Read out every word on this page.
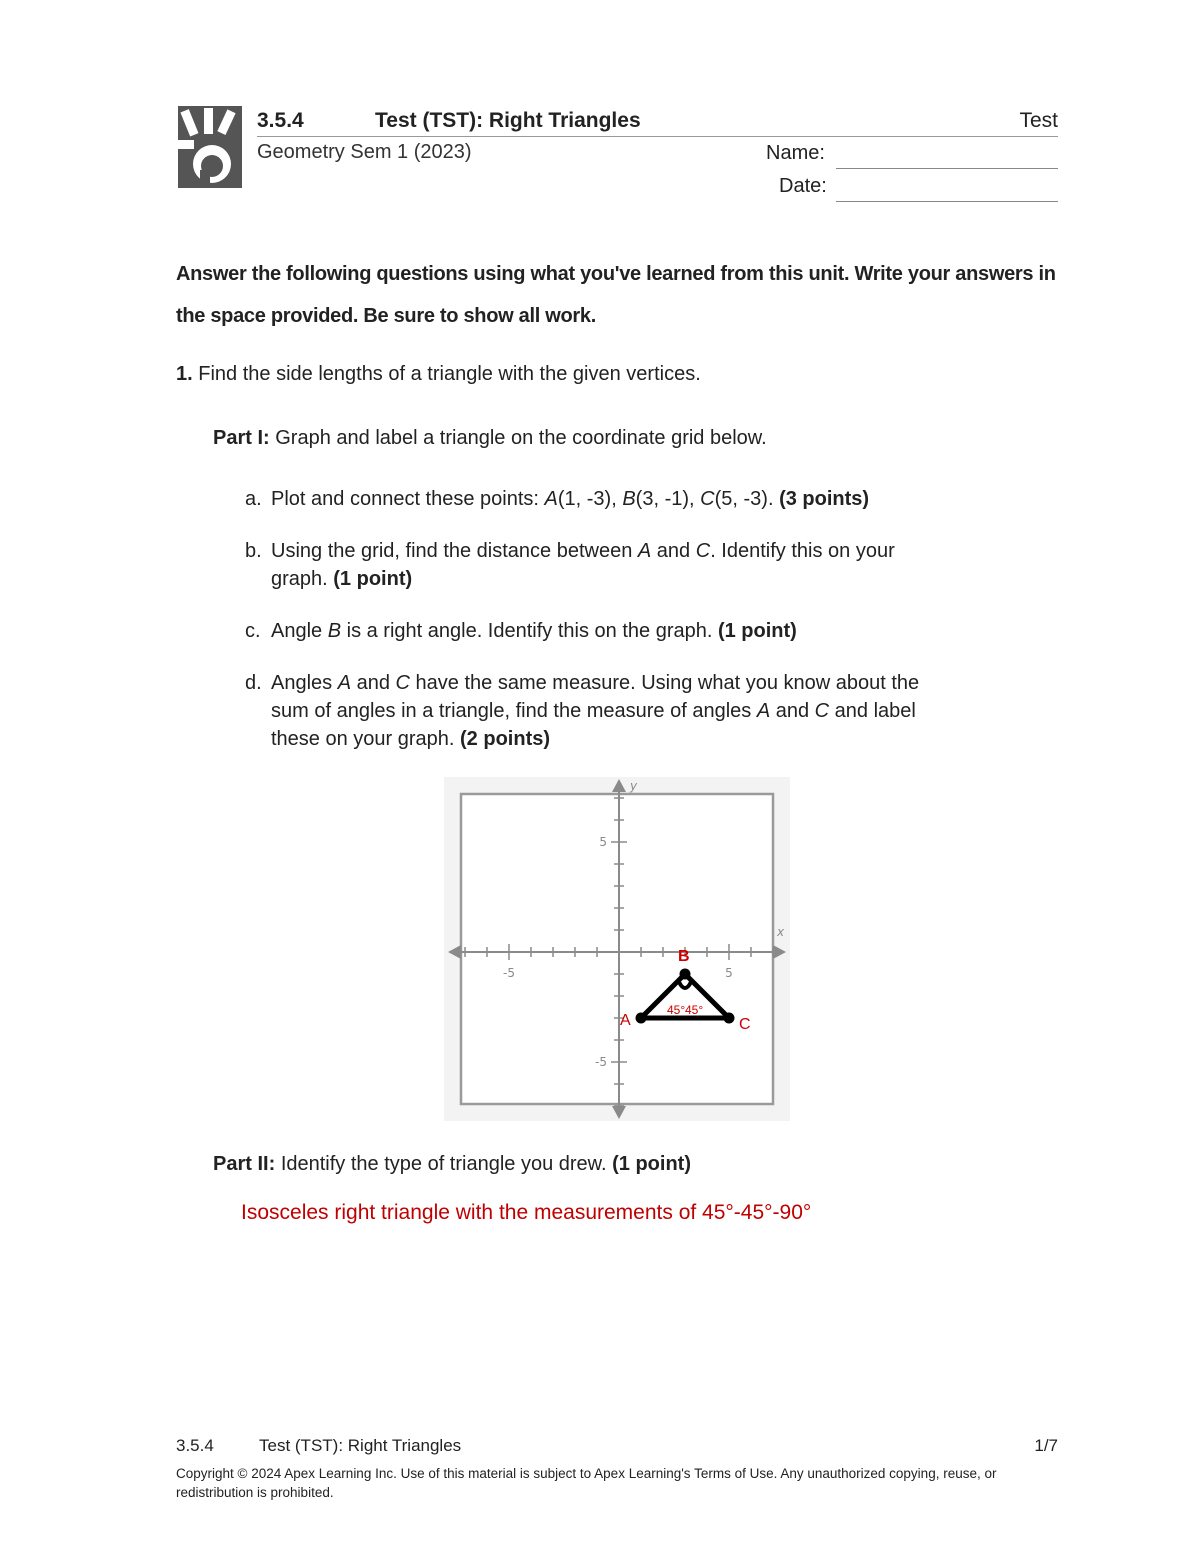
3.5.4	Test (TST): Right Triangles	Test
Geometry Sem 1 (2023)	Name:
Date:
Answer the following questions using what you've learned from this unit. Write your answers in the space provided. Be sure to show all work.
1. Find the side lengths of a triangle with the given vertices.
Part I: Graph and label a triangle on the coordinate grid below.
a. Plot and connect these points: A(1, -3), B(3, -1), C(5, -3). (3 points)
b. Using the grid, find the distance between A and C. Identify this on your
graph. (1 point)
c. Angle B is a right angle. Identify this on the graph. (1 point)
d. Angles A and C have the same measure. Using what you know about the
sum of angles in a triangle, find the measure of angles A and C and label
these on your graph. (2 points)
x
y
-5	5
5
-5
A
B
C
45° 45°
Part II: Identify the type of triangle you drew. (1 point)
Isosceles right triangle with the measurements of 45°-45°-90°
3.5.4	Test (TST): Right Triangles	1/7
Copyright © 2024 Apex Learning Inc. Use of this material is subject to Apex Learning's Terms of Use. Any unauthorized copying, reuse, or redistribution is prohibited.
